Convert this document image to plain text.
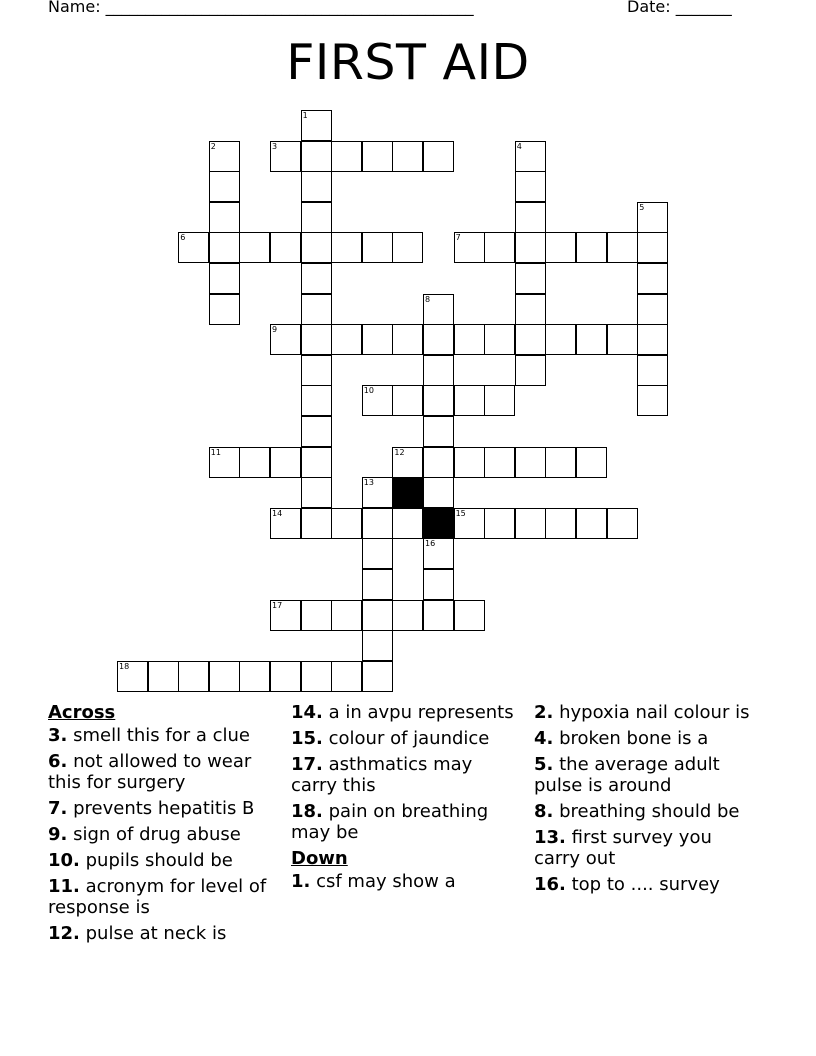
Name: ______________________________________________	Date: _______
FIRST AID
1
2	3	4
5
6	7
8
16
9
10
11	12
13
14	15
17
18
Across
3. smell this for a clue
6. not allowed to wear this for surgery
7. prevents hepatitis B
9. sign of drug abuse
10. pupils should be
11. acronym for level of response is
12. pulse at neck is
14. a in avpu represents
15. colour of jaundice
17. asthmatics may carry this
18. pain on breathing may be
Down
1. csf may show a
2. hypoxia nail colour is
4. broken bone is a
5. the average adult pulse is around
8. breathing should be
13. first survey you carry out
16. top to .... survey
